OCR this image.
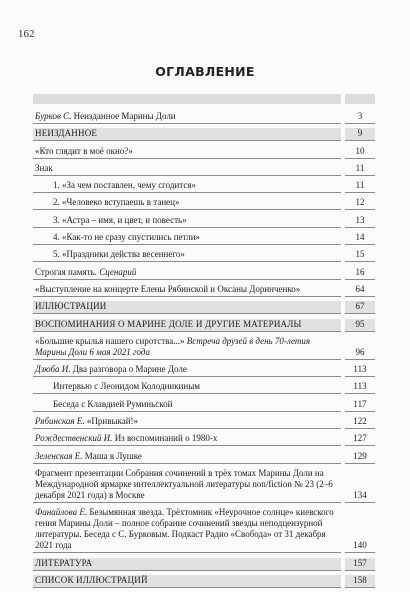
162
ОГЛАВЛЕНИЕ
Бурков С. Неизданное Марины Доли	3
НЕИЗДАННОЕ	9
«Кто глядит в моё окно?»	10
Знак	11
1. «За чем поставлен, чему сгодится»	11
2. «Человеко вступаешь в танец»	12
3. «Астра – имя, и цвет, и повесть»	13
4. «Как-то не сразу спустились петли»	14
5. «Праздники действа весеннего»	15
Строгая память. Сценарий	16
«Выступление на концерте Елены Рябинской и Оксаны Доринченко»	64
ИЛЛЮСТРАЦИИ	67
ВОСПОМИНАНИЯ О МАРИНЕ ДОЛЕ И ДРУГИЕ МАТЕРИАЛЫ	95
«Большие крылья нашего сиротства...» Встреча друзей в день 70-летия Марины Доли 6 мая 2021 года	96
Дзюба И. Два разговора о Марине Доле	113
Интервью с Леонидом Колодникиным	113
Беседа с Клавдией Руминьской	117
Рябинская Е. «Привыкай!»	122
Рождественский И. Из воспоминаний о 1980-х	127
Зеленская Е. Маша в Лушке	129
Фрагмент презентации Собрания сочинений в трёх томах Марины Доли на Международной ярмарке интеллектуальной литературы non/fiction № 23 (2–6 декабря 2021 года) в Москве	134
Фанайлова Е. Безымянная звезда. Трёхтомник «Неурочное солнце» киевского гения Марины Доли – полное собрание сочинений звезды неподцензурной литературы. Беседа с С. Бурковым. Подкаст Радио «Свобода» от 31 декабря 2021 года	140
ЛИТЕРАТУРА	157
СПИСОК ИЛЛЮСТРАЦИЙ	158
